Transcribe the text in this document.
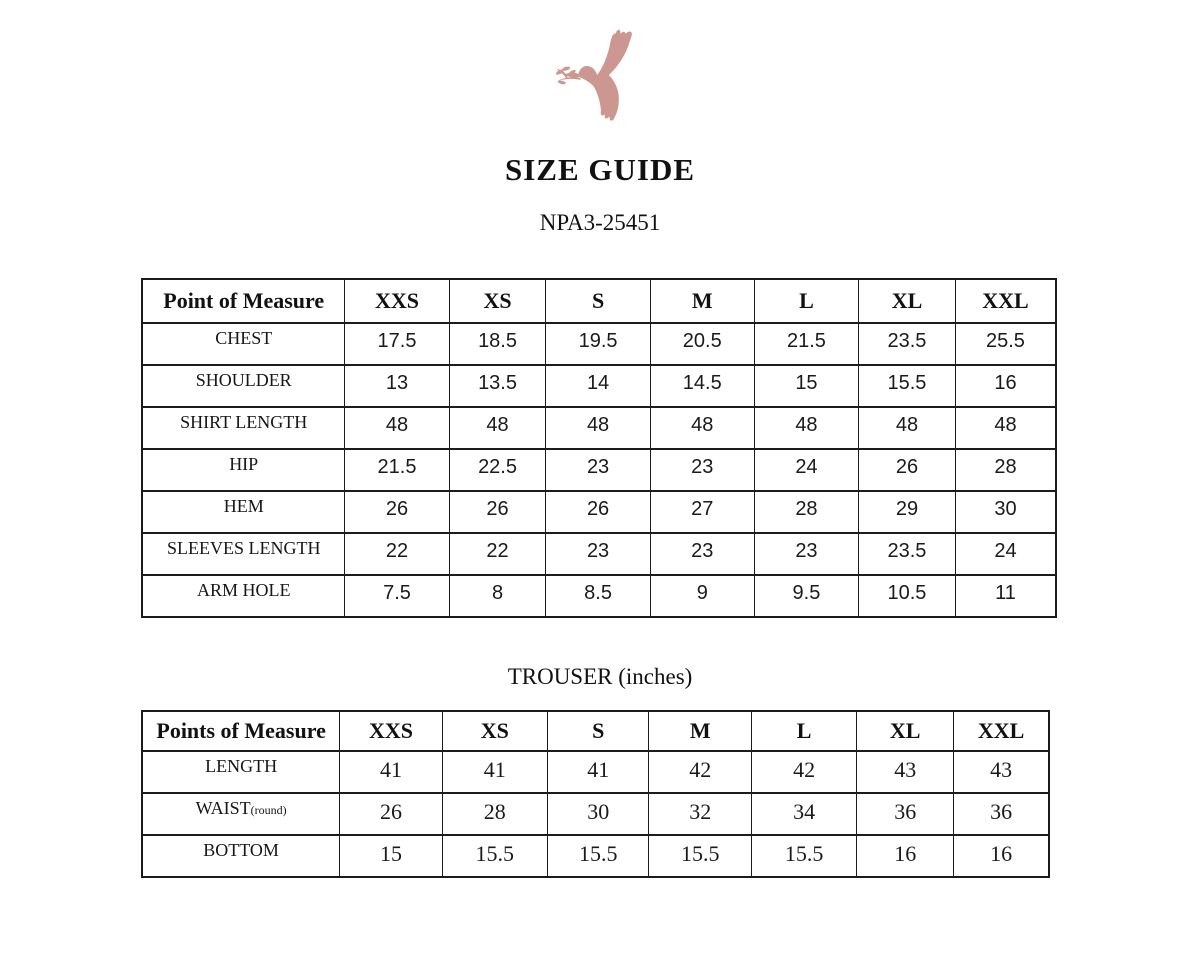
SIZE GUIDE
NPA3-25451
Point of Measure	XXS	XS	S	M	L	XL	XXL
CHEST	17.5	18.5	19.5	20.5	21.5	23.5	25.5
SHOULDER	13	13.5	14	14.5	15	15.5	16
SHIRT LENGTH	48	48	48	48	48	48	48
HIP	21.5	22.5	23	23	24	26	28
HEM	26	26	26	27	28	29	30
SLEEVES LENGTH	22	22	23	23	23	23.5	24
ARM HOLE	7.5	8	8.5	9	9.5	10.5	11
TROUSER (inches)
Points of Measure	XXS	XS	S	M	L	XL	XXL
LENGTH	41	41	41	42	42	43	43
WAIST(round)	26	28	30	32	34	36	36
BOTTOM	15	15.5	15.5	15.5	15.5	16	16
